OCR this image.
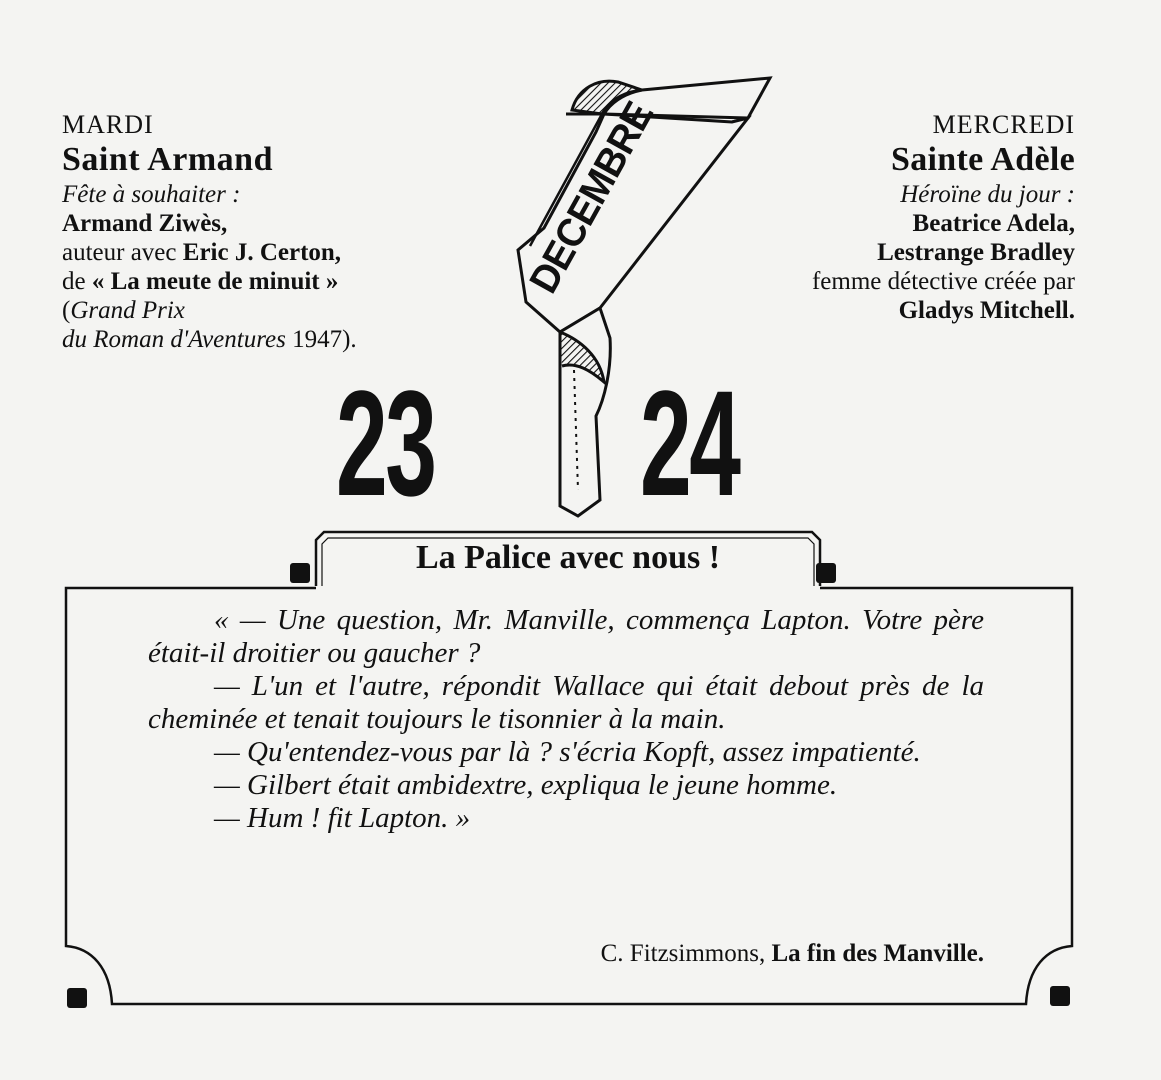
MARDI
Saint Armand
Fête à souhaiter :
Armand Ziwès,
auteur avec Eric J. Certon,
de « La meute de minuit »
(Grand Prix
du Roman d'Aventures 1947).
MERCREDI
Sainte Adèle
Héroïne du jour :
Beatrice Adela,
Lestrange Bradley
femme détective créée par
Gladys Mitchell.
DECEMBRE
23 24
La Palice avec nous !

« — Une question, Mr. Manville, commença Lapton. Votre père était-il droitier ou gaucher ?

— L'un et l'autre, répondit Wallace qui était debout près de la cheminée et tenait toujours le tisonnier à la main.

— Qu'entendez-vous par là ? s'écria Kopft, assez impatienté.

— Gilbert était ambidextre, expliqua le jeune homme.

— Hum ! fit Lapton. »

C. Fitzsimmons, La fin des Manville.
